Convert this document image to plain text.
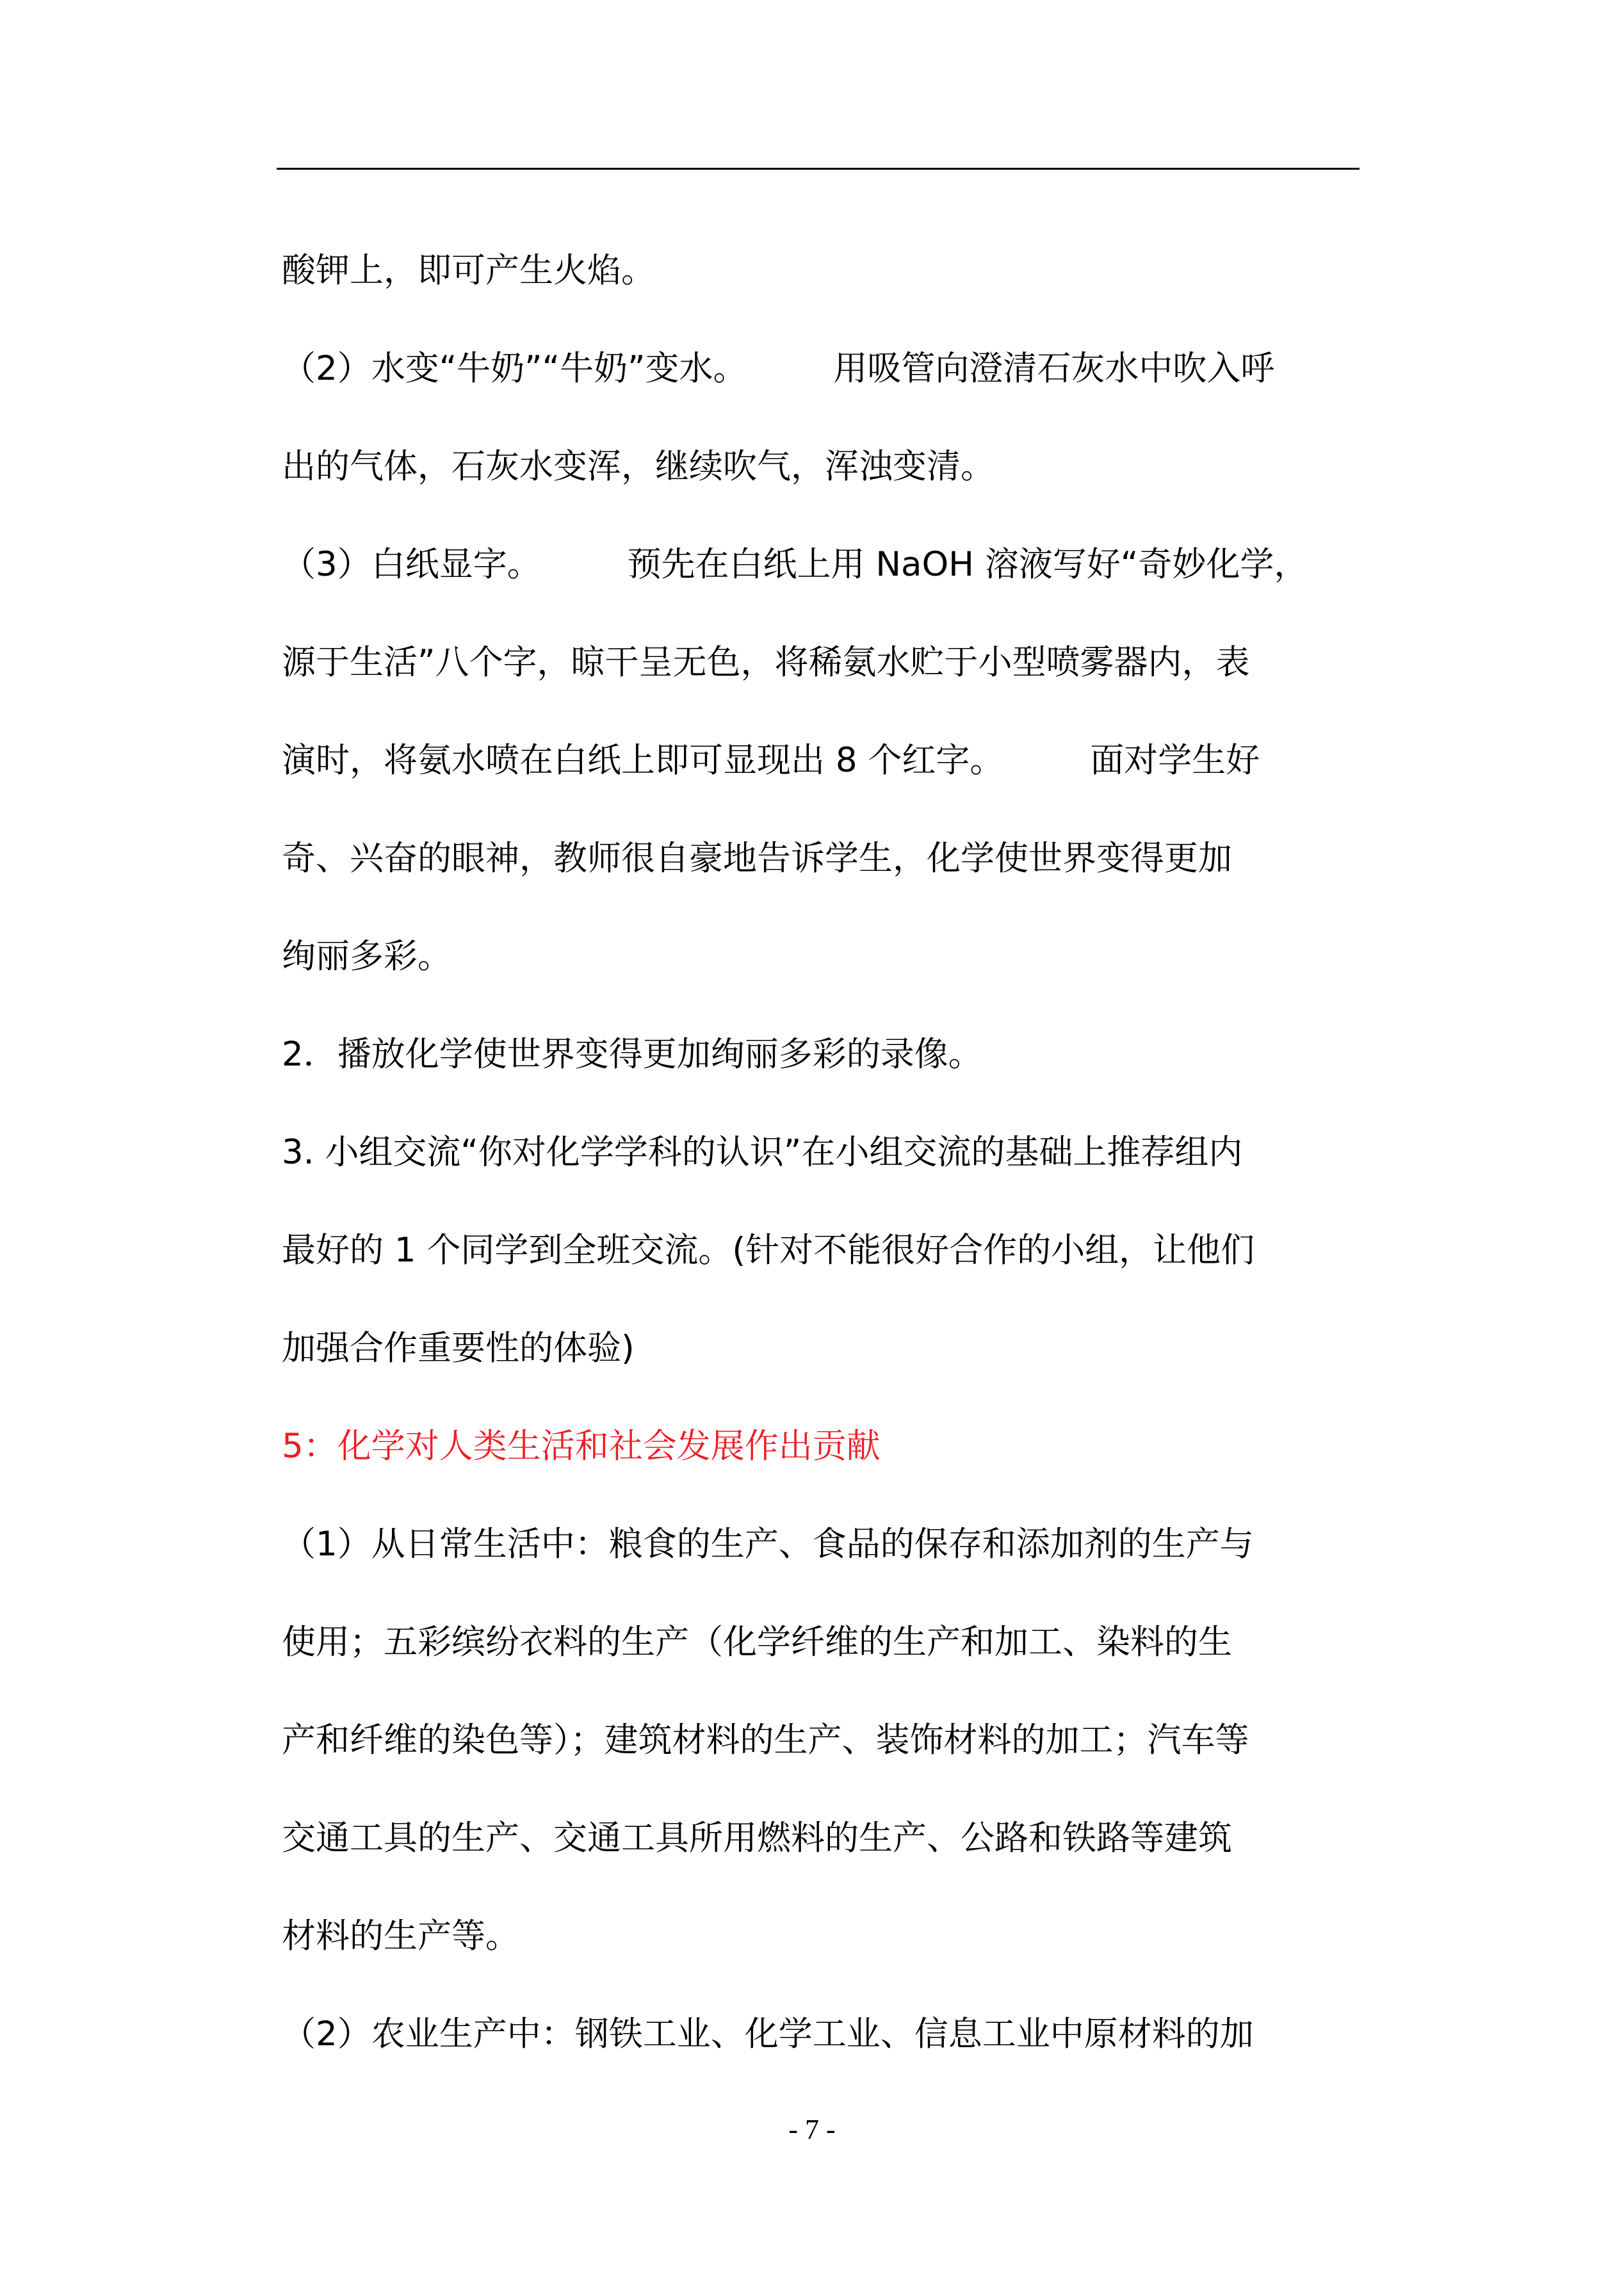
酸钾上，即可产生火焰。
（2）水变“牛奶”“牛奶”变水。        用吸管向澄清石灰水中吹入呼
出的气体，石灰水变浑，继续吹气，浑浊变清。
（3）白纸显字。        预先在白纸上用 NaOH 溶液写好“奇妙化学，
源于生活”八个字，晾干呈无色，将稀氨水贮于小型喷雾器内，表
演时，将氨水喷在白纸上即可显现出 8 个红字。        面对学生好
奇、兴奋的眼神，教师很自豪地告诉学生，化学使世界变得更加
绚丽多彩。
2．播放化学使世界变得更加绚丽多彩的录像。
3. 小组交流“你对化学学科的认识”在小组交流的基础上推荐组内
最好的 1 个同学到全班交流。(针对不能很好合作的小组，让他们
加强合作重要性的体验)
5：化学对人类生活和社会发展作出贡献
（1）从日常生活中：粮食的生产、食品的保存和添加剂的生产与
使用；五彩缤纷衣料的生产（化学纤维的生产和加工、染料的生
产和纤维的染色等）；建筑材料的生产、装饰材料的加工；汽车等
交通工具的生产、交通工具所用燃料的生产、公路和铁路等建筑
材料的生产等。
（2）农业生产中：钢铁工业、化学工业、信息工业中原材料的加
- 7 -
